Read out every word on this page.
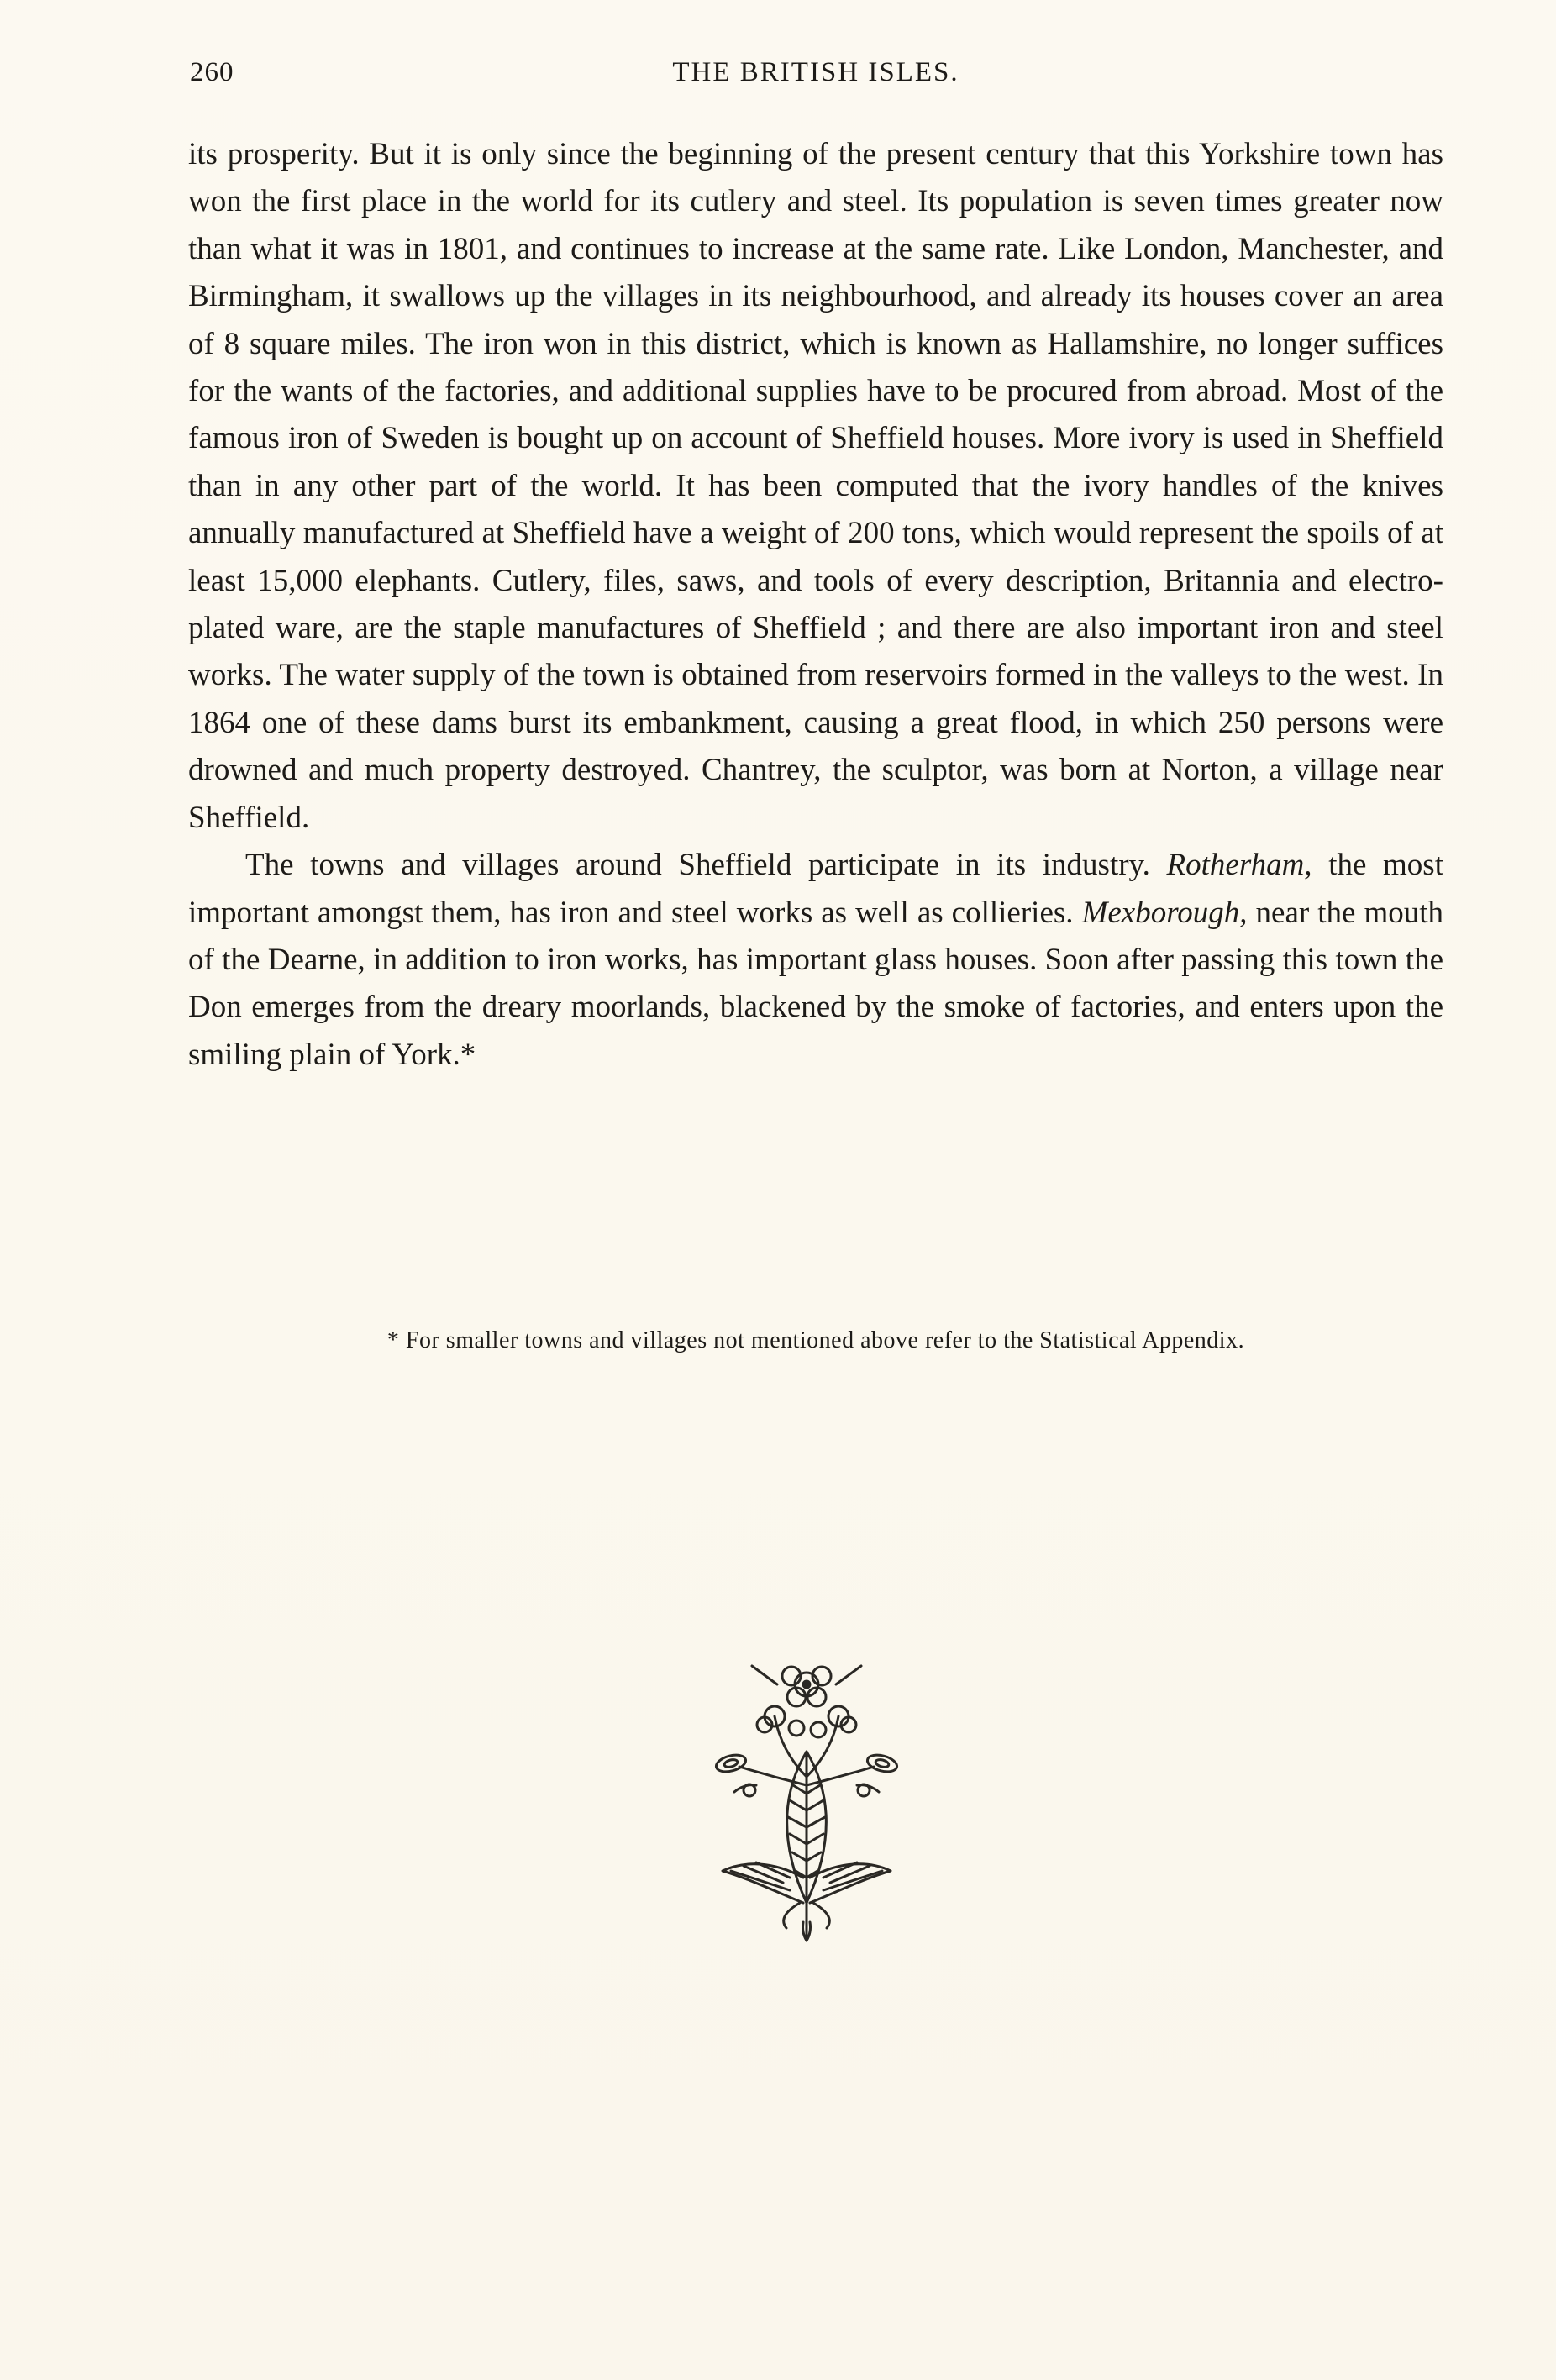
260	THE BRITISH ISLES.

its prosperity. But it is only since the beginning of the present century that this Yorkshire town has won the first place in the world for its cutlery and steel. Its population is seven times greater now than what it was in 1801, and continues to increase at the same rate. Like London, Manchester, and Birmingham, it swallows up the villages in its neighbourhood, and already its houses cover an area of 8 square miles. The iron won in this district, which is known as Hallamshire, no longer suffices for the wants of the factories, and additional supplies have to be procured from abroad. Most of the famous iron of Sweden is bought up on account of Sheffield houses. More ivory is used in Sheffield than in any other part of the world. It has been computed that the ivory handles of the knives annually manufactured at Sheffield have a weight of 200 tons, which would represent the spoils of at least 15,000 elephants. Cutlery, files, saws, and tools of every description, Britannia and electro-plated ware, are the staple manufactures of Sheffield ; and there are also important iron and steel works. The water supply of the town is obtained from reservoirs formed in the valleys to the west. In 1864 one of these dams burst its embankment, causing a great flood, in which 250 persons were drowned and much property destroyed. Chantrey, the sculptor, was born at Norton, a village near Sheffield.

The towns and villages around Sheffield participate in its industry. Rotherham, the most important amongst them, has iron and steel works as well as collieries. Mexborough, near the mouth of the Dearne, in addition to iron works, has important glass houses. Soon after passing this town the Don emerges from the dreary moorlands, blackened by the smoke of factories, and enters upon the smiling plain of York.*

* For smaller towns and villages not mentioned above refer to the Statistical Appendix.
